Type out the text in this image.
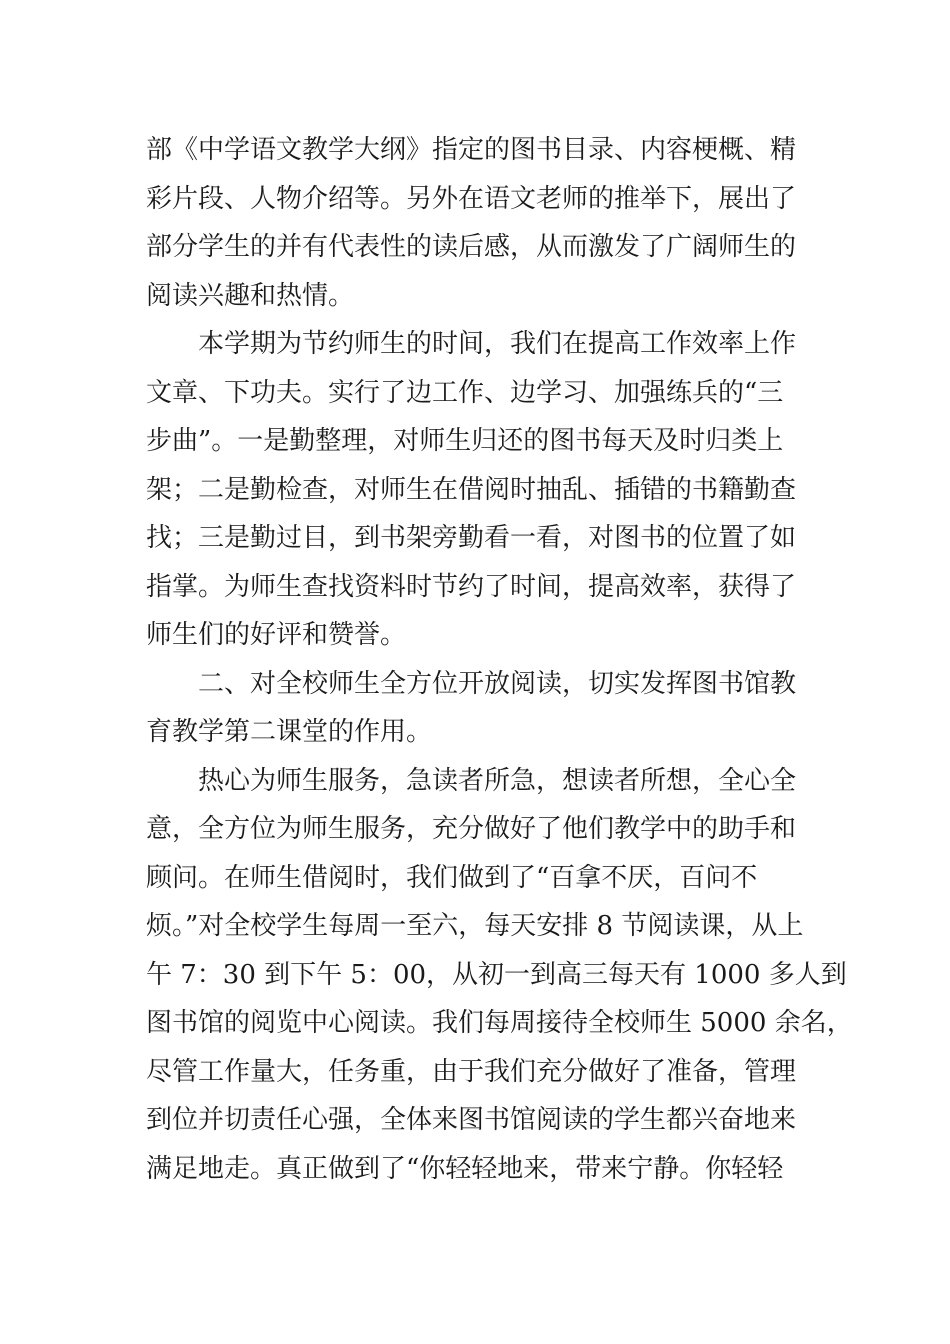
部《中学语文教学大纲》指定的图书目录、内容梗概、精
彩片段、人物介绍等。另外在语文老师的推举下，展出了
部分学生的并有代表性的读后感，从而激发了广阔师生的
阅读兴趣和热情。

本学期为节约师生的时间，我们在提高工作效率上作
文章、下功夫。实行了边工作、边学习、加强练兵的“三
步曲”。一是勤整理，对师生归还的图书每天及时归类上
架；二是勤检查，对师生在借阅时抽乱、插错的书籍勤查
找；三是勤过目，到书架旁勤看一看，对图书的位置了如
指掌。为师生查找资料时节约了时间，提高效率，获得了
师生们的好评和赞誉。

二、对全校师生全方位开放阅读，切实发挥图书馆教
育教学第二课堂的作用。

热心为师生服务，急读者所急，想读者所想，全心全
意，全方位为师生服务，充分做好了他们教学中的助手和
顾问。在师生借阅时，我们做到了“百拿不厌，百问不
烦。”对全校学生每周一至六，每天安排 8 节阅读课，从上
午 7：30 到下午 5：00，从初一到高三每天有 1000 多人到
图书馆的阅览中心阅读。我们每周接待全校师生 5000 余名，
尽管工作量大，任务重，由于我们充分做好了准备，管理
到位并切责任心强，全体来图书馆阅读的学生都兴奋地来
满足地走。真正做到了“你轻轻地来，带来宁静。你轻轻
